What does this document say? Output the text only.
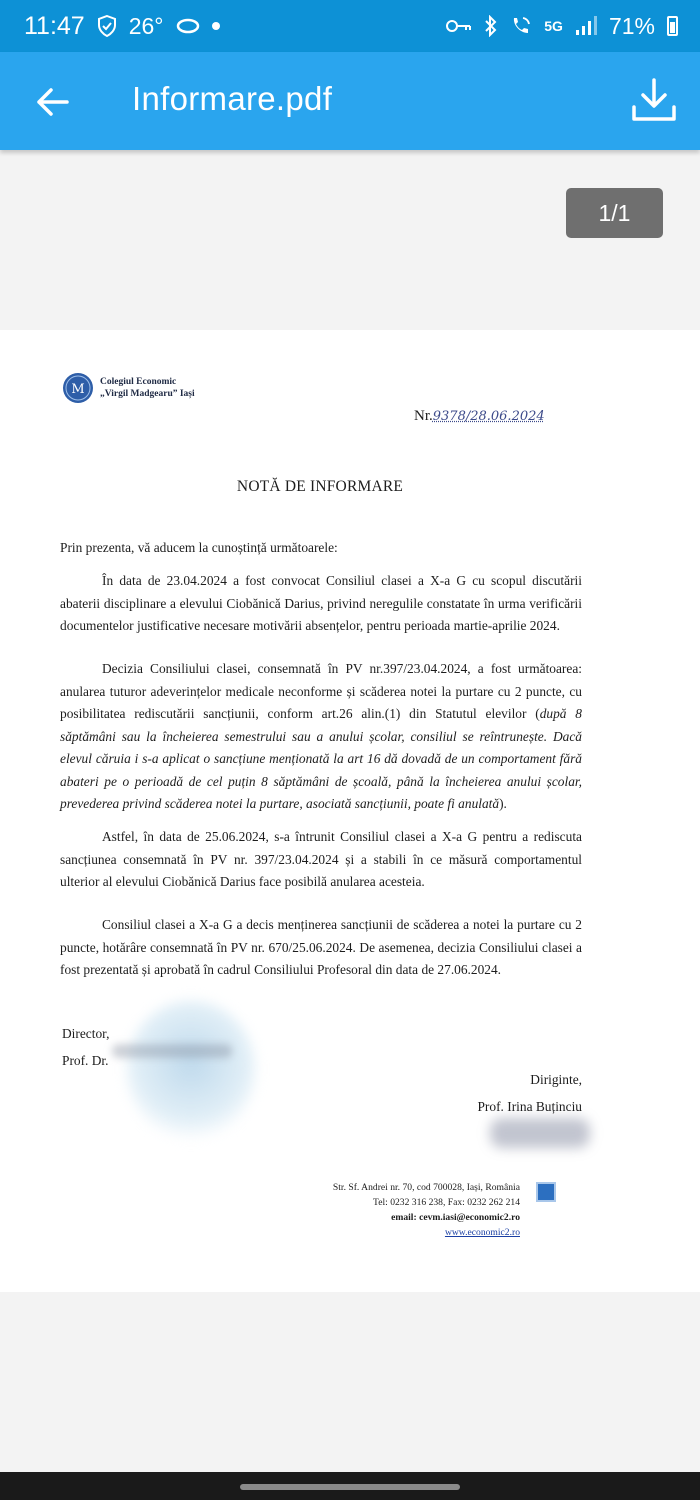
11:47 26°	5G 71%
Informare.pdf
1/1
M Colegiul Economic
„Virgil Madgearu” Iași
Nr.9378/28.06.2024
NOTĂ DE INFORMARE
Prin prezenta, vă aducem la cunoștință următoarele:
În data de 23.04.2024 a fost convocat Consiliul clasei a X-a G cu scopul discutării abaterii disciplinare a elevului Ciobănică Darius, privind neregulile constatate în urma verificării documentelor justificative necesare motivării absențelor, pentru perioada martie-aprilie 2024.
Decizia Consiliului clasei, consemnată în PV nr.397/23.04.2024, a fost următoarea: anularea tuturor adeverințelor medicale neconforme și scăderea notei la purtare cu 2 puncte, cu posibilitatea rediscutării sancțiunii, conform art.26 alin.(1) din Statutul elevilor (după 8 săptămâni sau la încheierea semestrului sau a anului școlar, consiliul se reîntrunește. Dacă elevul căruia i s-a aplicat o sancțiune menționată la art 16 dă dovadă de un comportament fără abateri pe o perioadă de cel puțin 8 săptămâni de școală, până la încheierea anului școlar, prevederea privind scăderea notei la purtare, asociată sancțiunii, poate fi anulată).
Astfel, în data de 25.06.2024, s-a întrunit Consiliul clasei a X-a G pentru a rediscuta sancțiunea consemnată în PV nr. 397/23.04.2024 și a stabili în ce măsură comportamentul ulterior al elevului Ciobănică Darius face posibilă anularea acesteia.
Consiliul clasei a X-a G a decis menținerea sancțiunii de scăderea a notei la purtare cu 2 puncte, hotărâre consemnată în PV nr. 670/25.06.2024. De asemenea, decizia Consiliului clasei a fost prezentată și aprobată în cadrul Consiliului Profesoral din data de 27.06.2024.
Director,
Prof. Dr.
Diriginte,
Prof. Irina Buținciu
Str. Sf. Andrei nr. 70, cod 700028, Iași, România
Tel: 0232 316 238, Fax: 0232 262 214
email: cevm.iasi@economic2.ro
www.economic2.ro
